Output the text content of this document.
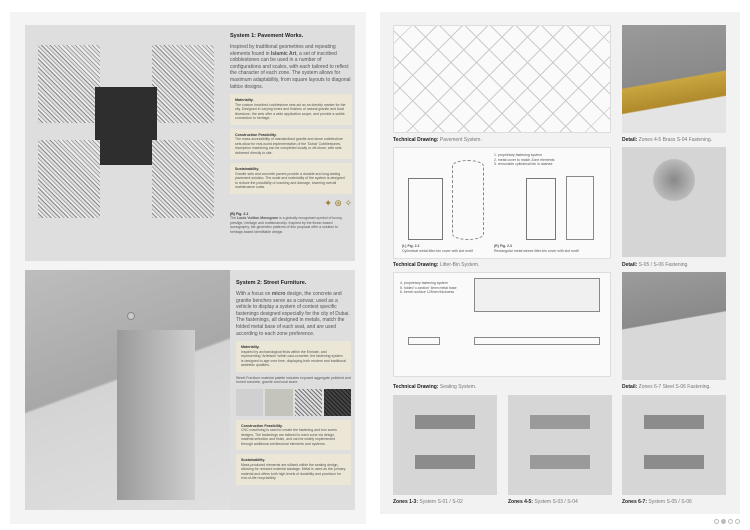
System 1: Pavement Works.
Inspired by traditional geometries and repeating elements found in Islamic Art, a set of inscribed cobblestones can be used in a number of configurations and scales, with each tailored to reflect the character of each zone. The system allows for maximum adaptability, from square layouts to diagonal lattice designs.
Materiality.
The custom inscribed cobblestone sets act as an identity marker for the city. Designed in varying tones and finishes of natural granite and local limestone, the sets offer a wide application scope, and provide a subtle connection to heritage.
Construction Feasibility.
The mass accessibility of standardised granite and stone cobblestone sets allow for real-world implementation of the 'Dubai' Cobblestones. Inscription machining can be completed locally or off-shore, with sets delivered directly to site.
Sustainability.
Granite sets and concrete pavers provide a durable and long-lasting pavement solution. The scale and materiality of the system is designed to reduce the possibility of cracking and damage, lowering overall maintenance costs.
✦ ⊛ ✧
(B) Fig. 2.1
The Louis Vuitton Monogram is a globally recognised symbol of luxury, prestige, heritage and craftsmanship. Inspired by the flower-based iconography, the geometric patterns of this proposal offer a solution to heritage-based identifiable design.
System 2: Street Furniture.
With a focus on micro design, the concrete and granite benches serve as a canvas; used as a vehicle to display a system of context specific fastenings designed especially for the city of Dubai. The fastenings, all designed in metals, match the folded metal base of each seat, and are used according to each zone preference.
Materiality.
Inspired by archaeological finds within the Emirate, and representing 'Artefacts' within cast-concrete, the fastening system is designed to age over time, displaying both modern and traditional aesthetic qualities.
Street Furniture material palette includes exposed aggregate polished and honed concrete, granite and local stone.
Construction Feasibility.
CNC machining is used to create the fastening and torx screw designs. The fastenings are tailored to each zone via design, material selection and finish, and can be widely implemented through additional architectural elements and systems.
Sustainability.
Mass-produced elements are utilised within the seating design, allowing for reduced material wastage. Metal is used as the primary material and offers both high levels of durability and provision for end-of-life recyclability.
Technical Drawing: Pavement System.
1. proprietary fastening system
2. metal cover to match Zone elements
3. removable cylindrical bin in dashed
(L) Fig. 2.2
Cylindrical metal litter-bin cover with slot motif
(R) Fig. 2.3
Rectangular metal sleeve litter-bin cover with slot motif
Technical Drawing: Litter-Bin System.
4. proprietary fastening system
5. folded 'c-section' 6mm metal base
6. bench surface 125mm thickness
Technical Drawing: Seating System.
Detail: Zones 4-5 Brass S-04 Fastening.
Detail: S-05 / S-06 Fastening.
Detail: Zones 6-7 Steel S-06 Fastening.
Zones 1-3: System S-01 / S-02	Zones 4-5: System S-03 / S-04	Zones 6-7: System S-05 / S-06
